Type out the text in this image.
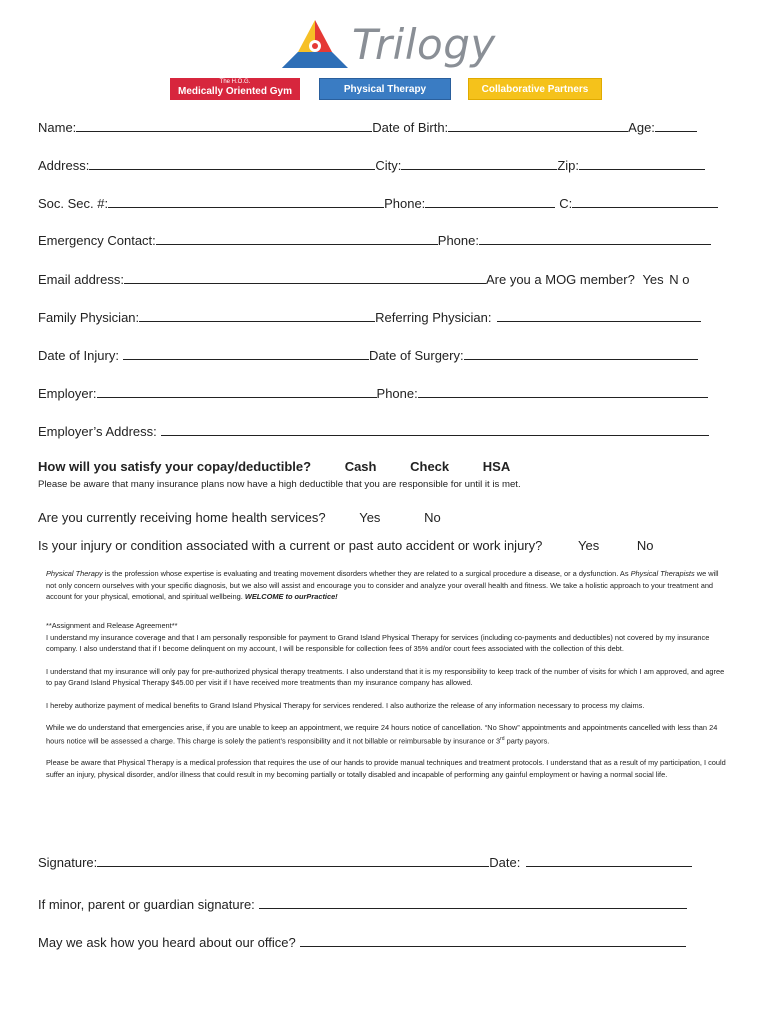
Trilogy
The H.O.G.
Medically Oriented Gym	Physical Therapy	Collaborative Partners
Name:	Date of Birth:	Age:
Address:	City:	Zip:
Soc. Sec. #:	Phone:	C:
Emergency Contact:	Phone:
Email address:	Are you a MOG member? Yes N o
Family Physician:	Referring Physician:
Date of Injury:	Date of Surgery:
Employer:	Phone:
Employer’s Address:
How will you satisfy your copay/deductible?	Cash	Check	HSA
Please be aware that many insurance plans now have a high deductible that you are responsible for until it is met.
Are you currently receiving home health services?	Yes	No
Is your injury or condition associated with a current or past auto accident or work injury?	Yes	No

Physical Therapy is the profession whose expertise is evaluating and treating movement disorders whether they are related to a surgical procedure a disease, or a dysfunction. As Physical Therapists we will not only concern ourselves with your specific diagnosis, but we also will assist and encourage you to consider and analyze your overall health and fitness. We take a holistic approach to your treatment and account for your physical, emotional, and spiritual wellbeing. WELCOME to ourPractice!

**Assignment and Release Agreement**

I understand my insurance coverage and that I am personally responsible for payment to Grand Island Physical Therapy for services (including co-payments and deductibles) not covered by my insurance company. I also understand that if I become delinquent on my account, I will be responsible for collection fees of 35% and/or court fees associated with the collection of this debt.

I understand that my insurance will only pay for pre-authorized physical therapy treatments. I also understand that it is my responsibility to keep track of the number of visits for which I am approved, and agree to pay Grand Island Physical Therapy $45.00 per visit if I have received more treatments than my insurance company has allowed.

I hereby authorize payment of medical benefits to Grand Island Physical Therapy for services rendered. I also authorize the release of any information necessary to process my claims.

While we do understand that emergencies arise, if you are unable to keep an appointment, we require 24 hours notice of cancellation. “No Show” appointments and appointments cancelled with less than 24 hours notice will be assessed a charge. This charge is solely the patient’s responsibility and it not billable or reimbursable by insurance or 3rd party payors.

Please be aware that Physical Therapy is a medical profession that requires the use of our hands to provide manual techniques and treatment protocols. I understand that as a result of my participation, I could suffer an injury, physical disorder, and/or illness that could result in my becoming partially or totally disabled and incapable of performing any gainful employment or having a normal social life.

Signature:	Date:
If minor, parent or guardian signature:
May we ask how you heard about our office?
